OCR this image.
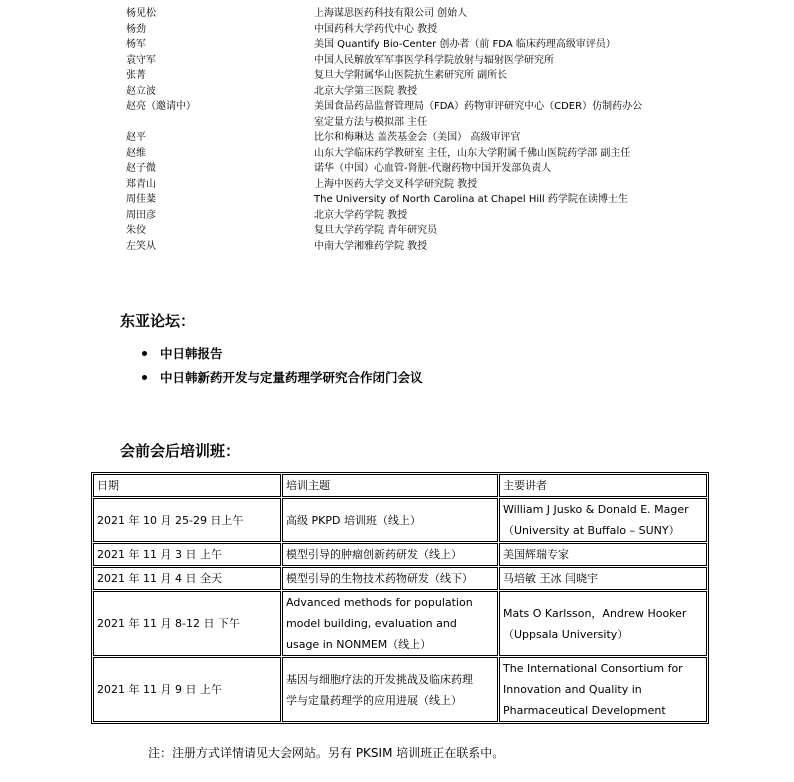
杨见松	上海谋思医药科技有限公司 创始人
杨劲	中国药科大学药代中心 教授
杨军	美国 Quantify Bio-Center 创办者（前 FDA 临床药理高级审评员）
袁守军	中国人民解放军军事医学科学院放射与辐射医学研究所
张菁	复旦大学附属华山医院抗生素研究所 副所长
赵立波	北京大学第三医院 教授
赵亮（邀请中）	美国食品药品监督管理局（FDA）药物审评研究中心（CDER）仿制药办公
室定量方法与模拟部 主任
赵平	比尔和梅琳达 盖茨基金会（美国） 高级审评官
赵维	山东大学临床药学教研室 主任，山东大学附属千佛山医院药学部 副主任
赵子微	诺华（中国）心血管-肾脏-代谢药物中国开发部负责人
郑青山	上海中医药大学交叉科学研究院 教授
周佳棻	The University of North Carolina at Chapel Hill 药学院在读博士生
周田彦	北京大学药学院 教授
朱佼	复旦大学药学院 青年研究员
左笑从	中南大学湘雅药学院 教授
东亚论坛：
中日韩报告
中日韩新药开发与定量药理学研究合作闭门会议
会前会后培训班：
日期	培训主题	主要讲者
2021 年 10 月 25-29 日上午	高级 PKPD 培训班（线上）	William J Jusko & Donald E. Mager
（University at Buffalo – SUNY）

2021 年 11 月 3 日 上午	模型引导的肿瘤创新药研发（线上）	美国辉瑞专家

2021 年 11 月 4 日 全天	模型引导的生物技术药物研发（线下）	马培敏 王冰 闫晓宇

2021 年 11 月 8-12 日 下午	Advanced methods for population
model building, evaluation and
usage in NONMEM（线上）	Mats O Karlsson，Andrew Hooker
（Uppsala University）

2021 年 11 月 9 日 上午	基因与细胞疗法的开发挑战及临床药理
学与定量药理学的应用进展（线上）	The International Consortium for
Innovation and Quality in
Pharmaceutical Development
注：注册方式详情请见大会网站。另有 PKSIM 培训班正在联系中。
